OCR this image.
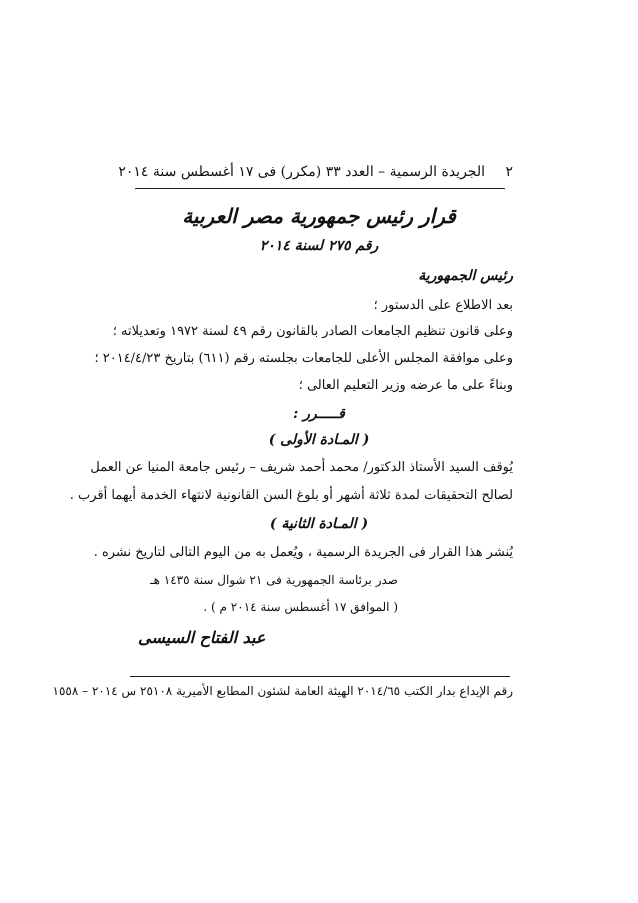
٢
الجريدة الرسمية – العدد ٣٣ (مكرر) فى ١٧ أغسطس سنة ٢٠١٤
قرار رئيس جمهورية مصر العربية
رقم ٢٧٥ لسنة ٢٠١٤
رئيس الجمهورية
بعد الاطلاع على الدستور ؛
وعلى قانون تنظيم الجامعات الصادر بالقانون رقم ٤٩ لسنة ١٩٧٢ وتعديلاته ؛
وعلى موافقة المجلس الأعلى للجامعات بجلسته رقم (٦١١) بتاريخ ٢٠١٤/٤/٢٣ ؛
وبناءً على ما عرضه وزير التعليم العالى ؛
قـــــرر :
( المـادة الأولى )
يُوقف السيد الأستاذ الدكتور/ محمد أحمد شريف – رئيس جامعة المنيا عن العمل
لصالح التحقيقات لمدة ثلاثة أشهر أو بلوغ السن القانونية لانتهاء الخدمة أيهما أقرب .
( المـادة الثانية )
يُنشر هذا القرار فى الجريدة الرسمية ، ويُعمل به من اليوم التالى لتاريخ نشره .
صدر برئاسة الجمهورية فى ٢١ شوال سنة ١٤٣٥ هـ
( الموافق ١٧ أغسطس سنة ٢٠١٤ م ) .
عبد الفتاح السيسى
رقم الإيداع بدار الكتب ٢٠١٤/٦٥ الهيئة العامة لشئون المطابع الأميرية ٢٥١٠٨ س ٢٠١٤ – ١٥٥٨
